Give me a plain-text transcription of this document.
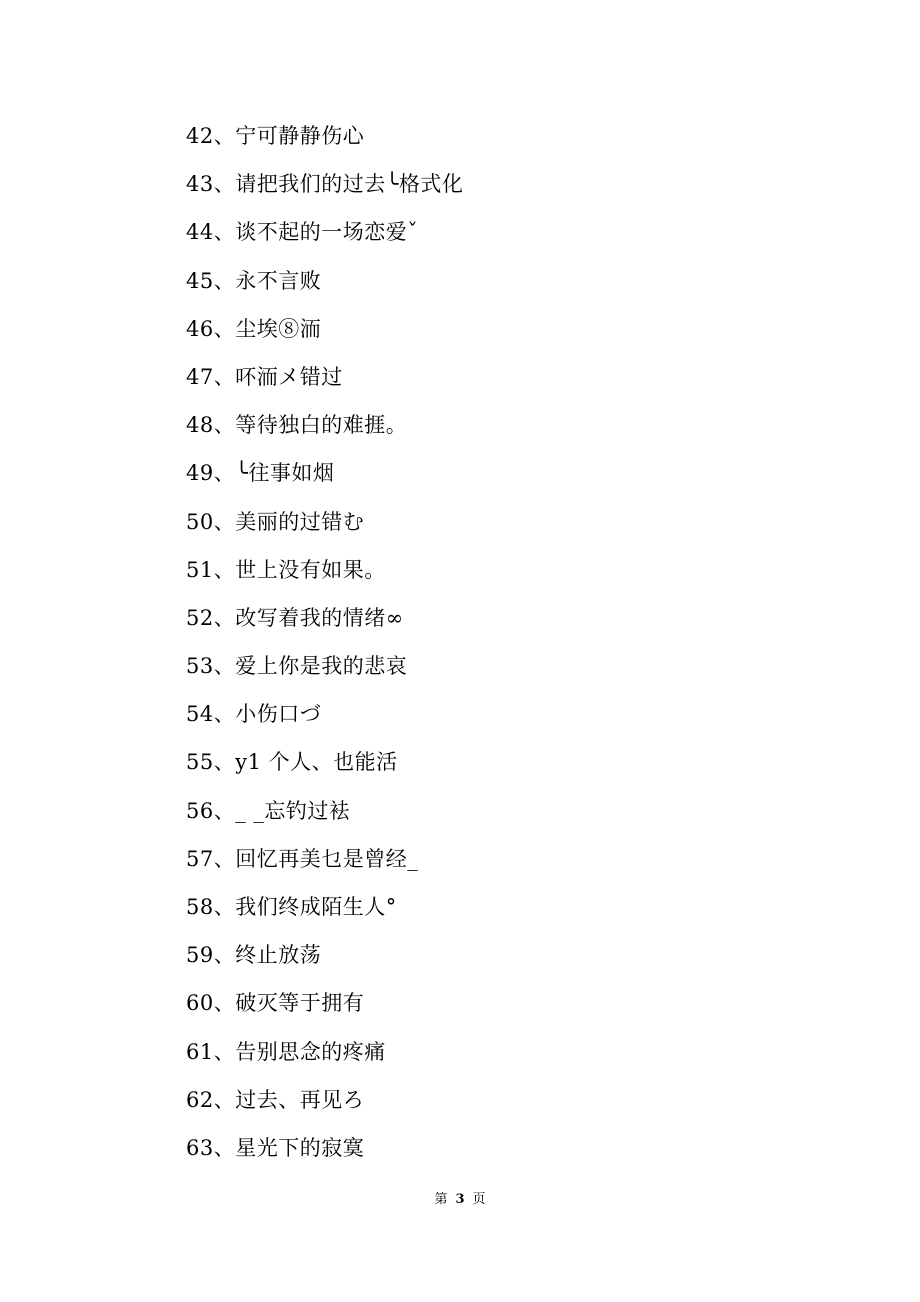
42、宁可静静伤心
43、请把我们的过去╰格式化
44、谈不起的一场恋爱ˇ
45、永不言败
46、尘埃⑧洏
47、吥洏メ错过
48、等待独白的难捱。
49、╰往事如烟
50、美丽的过错む
51、世上没有如果。
52、改写着我的情绪∞
53、爱上你是我的悲哀
54、小伤口づ
55、y1 个人、也能活
56、_ _忘钓过袪
57、回忆再美乜是曾经_
58、我们终成陌生人°
59、终止放荡
60、破灭等于拥有
61、告别思念的疼痛
62、过去、再见ろ
63、星光下的寂寞
第 3 页
